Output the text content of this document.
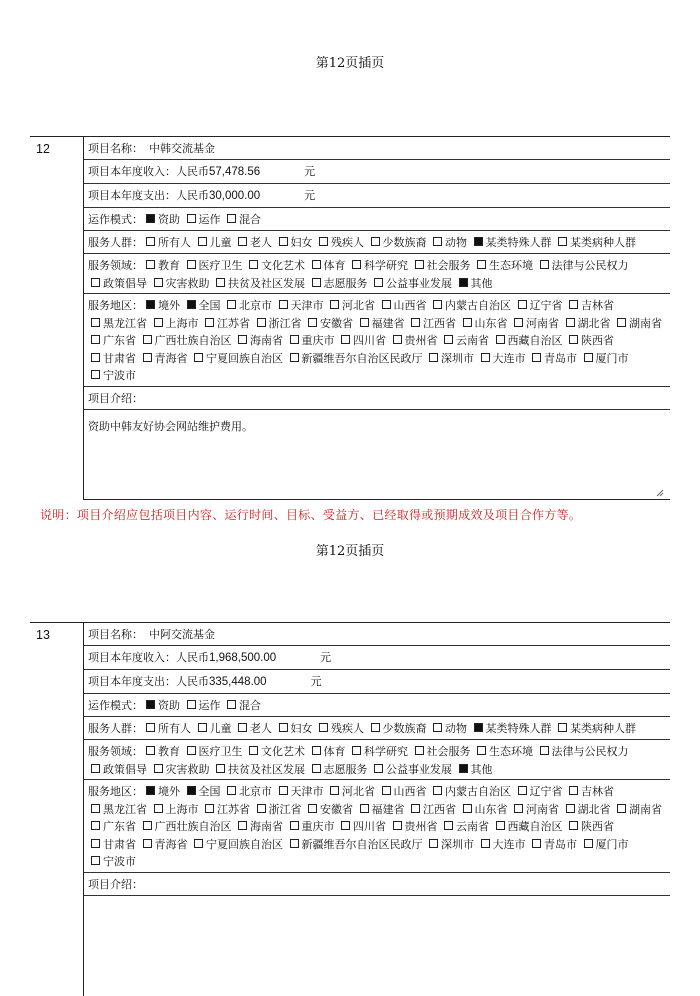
第12页插页
12	项目名称： 中韩交流基金
项目本年度收入：人民币57,478.56	元
项目本年度支出：人民币30,000.00	元
运作模式： 资助 运作 混合
服务人群： 所有人 儿童 老人 妇女 残疾人 少数族裔 动物 某类特殊人群 某类病种人群
服务领域： 教育 医疗卫生 文化艺术 体育 科学研究 社会服务 生态环境 法律与公民权力 政策倡导 灾害救助 扶贫及社区发展 志愿服务 公益事业发展 其他
服务地区： 境外 全国 北京市 天津市 河北省 山西省 内蒙古自治区 辽宁省 吉林省 黑龙江省 上海市 江苏省 浙江省 安徽省 福建省 江西省 山东省 河南省 湖北省 湖南省 广东省 广西壮族自治区 海南省 重庆市 四川省 贵州省 云南省 西藏自治区 陕西省 甘肃省 青海省 宁夏回族自治区 新疆维吾尔自治区民政厅 深圳市 大连市 青岛市 厦门市 宁波市
项目介绍：
资助中韩友好协会网站维护费用。
说明：项目介绍应包括项目内容、运行时间、目标、受益方、已经取得或预期成效及项目合作方等。
第12页插页
13	项目名称： 中阿交流基金
项目本年度收入：人民币1,968,500.00	元
项目本年度支出：人民币335,448.00	元
运作模式： 资助 运作 混合
服务人群： 所有人 儿童 老人 妇女 残疾人 少数族裔 动物 某类特殊人群 某类病种人群
服务领域： 教育 医疗卫生 文化艺术 体育 科学研究 社会服务 生态环境 法律与公民权力 政策倡导 灾害救助 扶贫及社区发展 志愿服务 公益事业发展 其他
服务地区： 境外 全国 北京市 天津市 河北省 山西省 内蒙古自治区 辽宁省 吉林省 黑龙江省 上海市 江苏省 浙江省 安徽省 福建省 江西省 山东省 河南省 湖北省 湖南省 广东省 广西壮族自治区 海南省 重庆市 四川省 贵州省 云南省 西藏自治区 陕西省 甘肃省 青海省 宁夏回族自治区 新疆维吾尔自治区民政厅 深圳市 大连市 青岛市 厦门市 宁波市
项目介绍：
